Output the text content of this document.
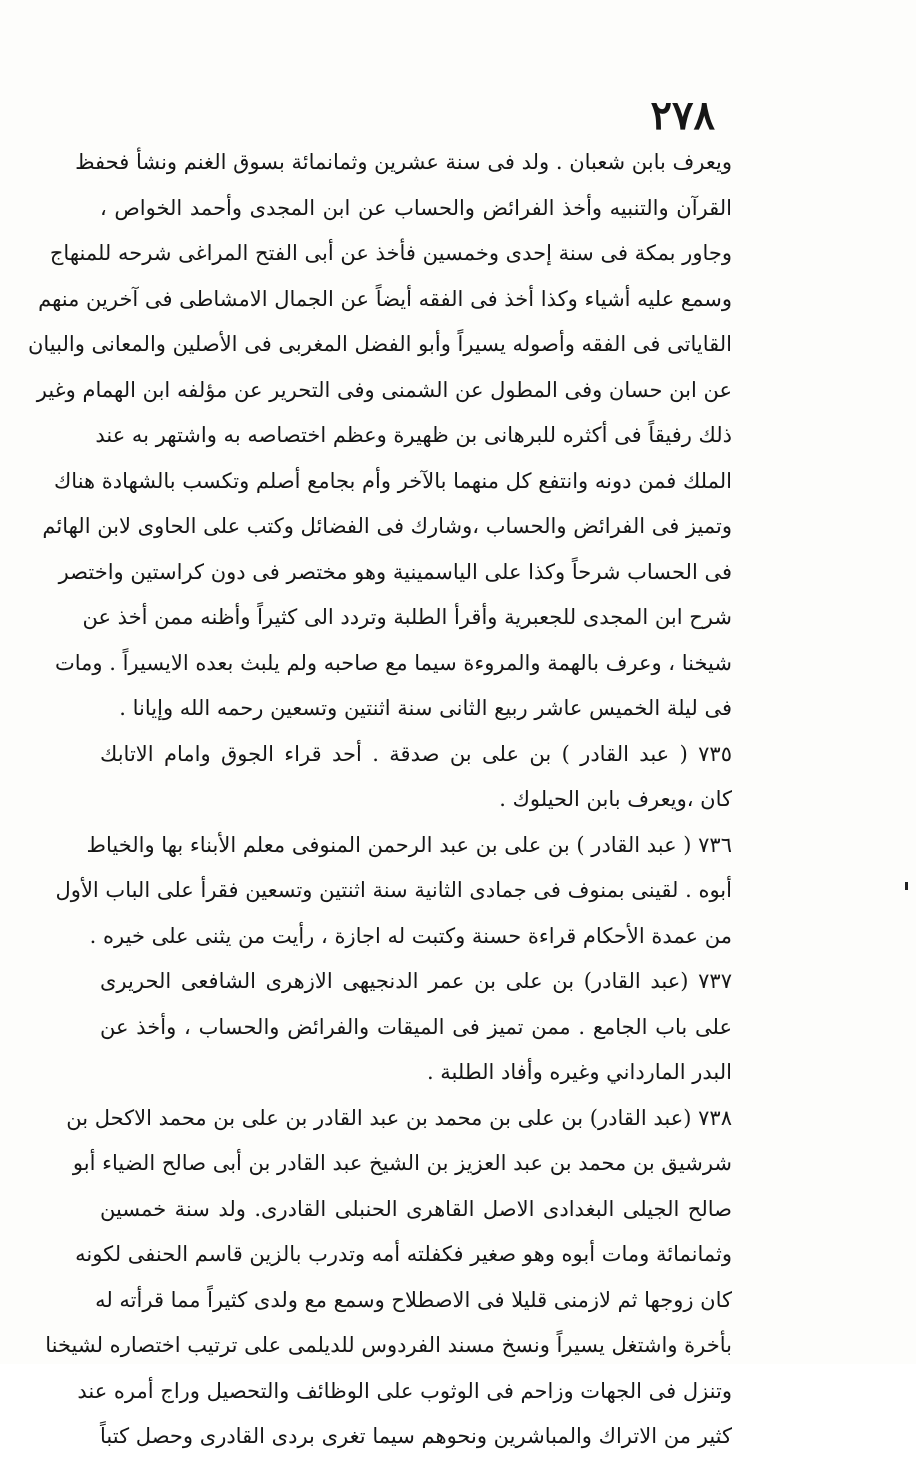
٢٧٨
ويعرف بابن شعبان . ولد فى سنة عشرين وثمانمائة بسوق الغنم ونشأ فحفظ
القرآن والتنبيه وأخذ الفرائض والحساب عن ابن المجدى وأحمد الخواص ،
وجاور بمكة فى سنة إحدى وخمسين فأخذ عن أبى الفتح المراغى شرحه للمنهاج
وسمع عليه أشياء وكذا أخذ فى الفقه أيضاً عن الجمال الامشاطى فى آخرين منهم
القاياتى فى الفقه وأصوله يسيراً وأبو الفضل المغربى فى الأصلين والمعانى والبيان
عن ابن حسان وفى المطول عن الشمنى وفى التحرير عن مؤلفه ابن الهمام وغير
ذلك رفيقاً فى أكثره للبرهانى بن ظهيرة وعظم اختصاصه به واشتهر به عند
الملك فمن دونه وانتفع كل منهما بالآخر وأم بجامع أصلم وتكسب بالشهادة هناك
وتميز فى الفرائض والحساب ،وشارك فى الفضائل وكتب على الحاوى لابن الهائم
فى الحساب شرحاً وكذا على الياسمينية وهو مختصر فى دون كراستين واختصر
شرح ابن المجدى للجعبرية وأقرأ الطلبة وتردد الى كثيراً وأظنه ممن أخذ عن
شيخنا ، وعرف بالهمة والمروءة سيما مع صاحبه ولم يلبث بعده الايسيراً . ومات
فى ليلة الخميس عاشر ربيع الثانى سنة اثنتين وتسعين رحمه الله وإيانا .
٧٣٥ ( عبد القادر ) بن على بن صدقة . أحد قراء الجوق وامام الاتابك
كان ،ويعرف بابن الحيلوك .
٧٣٦ ( عبد القادر ) بن على بن عبد الرحمن المنوفى معلم الأبناء بها والخياط
أبوه . لقينى بمنوف فى جمادى الثانية سنة اثنتين وتسعين فقرأ على الباب الأول
من عمدة الأحكام قراءة حسنة وكتبت له اجازة ، رأيت من يثنى على خيره .
٧٣٧ (عبد القادر) بن على بن عمر الدنجيهى الازهرى الشافعى الحريرى
على باب الجامع . ممن تميز فى الميقات والفرائض والحساب ، وأخذ عن
البدر المارداني وغيره وأفاد الطلبة .
٧٣٨ (عبد القادر) بن على بن محمد بن عبد القادر بن على بن محمد الاكحل بن
شرشيق بن محمد بن عبد العزيز بن الشيخ عبد القادر بن أبى صالح الضياء أبو
صالح الجيلى البغدادى الاصل القاهرى الحنبلى القادرى. ولد سنة خمسين
وثمانمائة ومات أبوه وهو صغير فكفلته أمه وتدرب بالزين قاسم الحنفى لكونه
كان زوجها ثم لازمنى قليلا فى الاصطلاح وسمع مع ولدى كثيراً مما قرأته له
بأخرة واشتغل يسيراً ونسخ مسند الفردوس للديلمى على ترتيب اختصاره لشيخنا
وتنزل فى الجهات وزاحم فى الوثوب على الوظائف والتحصيل وراج أمره عند
كثير من الاتراك والمباشرين ونحوهم سيما تغرى بردى القادرى وحصل كتباً
